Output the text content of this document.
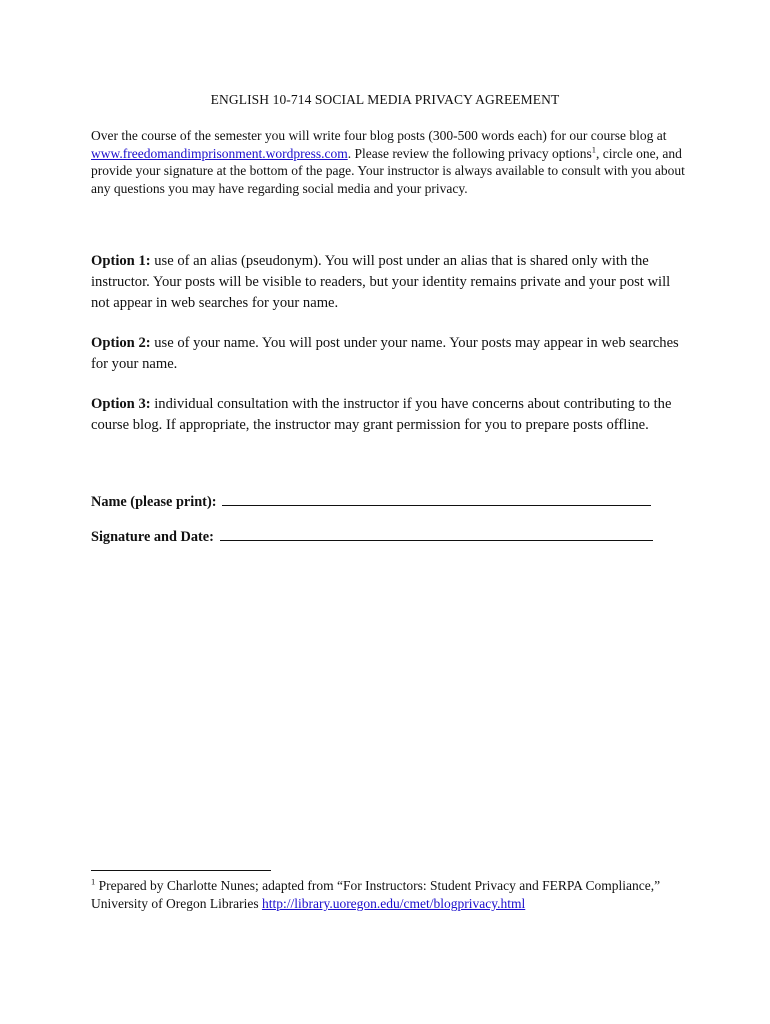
ENGLISH 10-714 SOCIAL MEDIA PRIVACY AGREEMENT
Over the course of the semester you will write four blog posts (300-500 words each) for our course blog at www.freedomandimprisonment.wordpress.com. Please review the following privacy options$^1$, circle one, and provide your signature at the bottom of the page. Your instructor is always available to consult with you about any questions you may have regarding social media and your privacy.
Option 1: use of an alias (pseudonym). You will post under an alias that is shared only with the instructor. Your posts will be visible to readers, but your identity remains private and your post will not appear in web searches for your name.
Option 2: use of your name. You will post under your name. Your posts may appear in web searches for your name.
Option 3: individual consultation with the instructor if you have concerns about contributing to the course blog. If appropriate, the instructor may grant permission for you to prepare posts offline.
Name (please print):
Signature and Date:
$^1$ Prepared by Charlotte Nunes; adapted from “For Instructors: Student Privacy and FERPA Compliance,” University of Oregon Libraries http://library.uoregon.edu/cmet/blogprivacy.html
